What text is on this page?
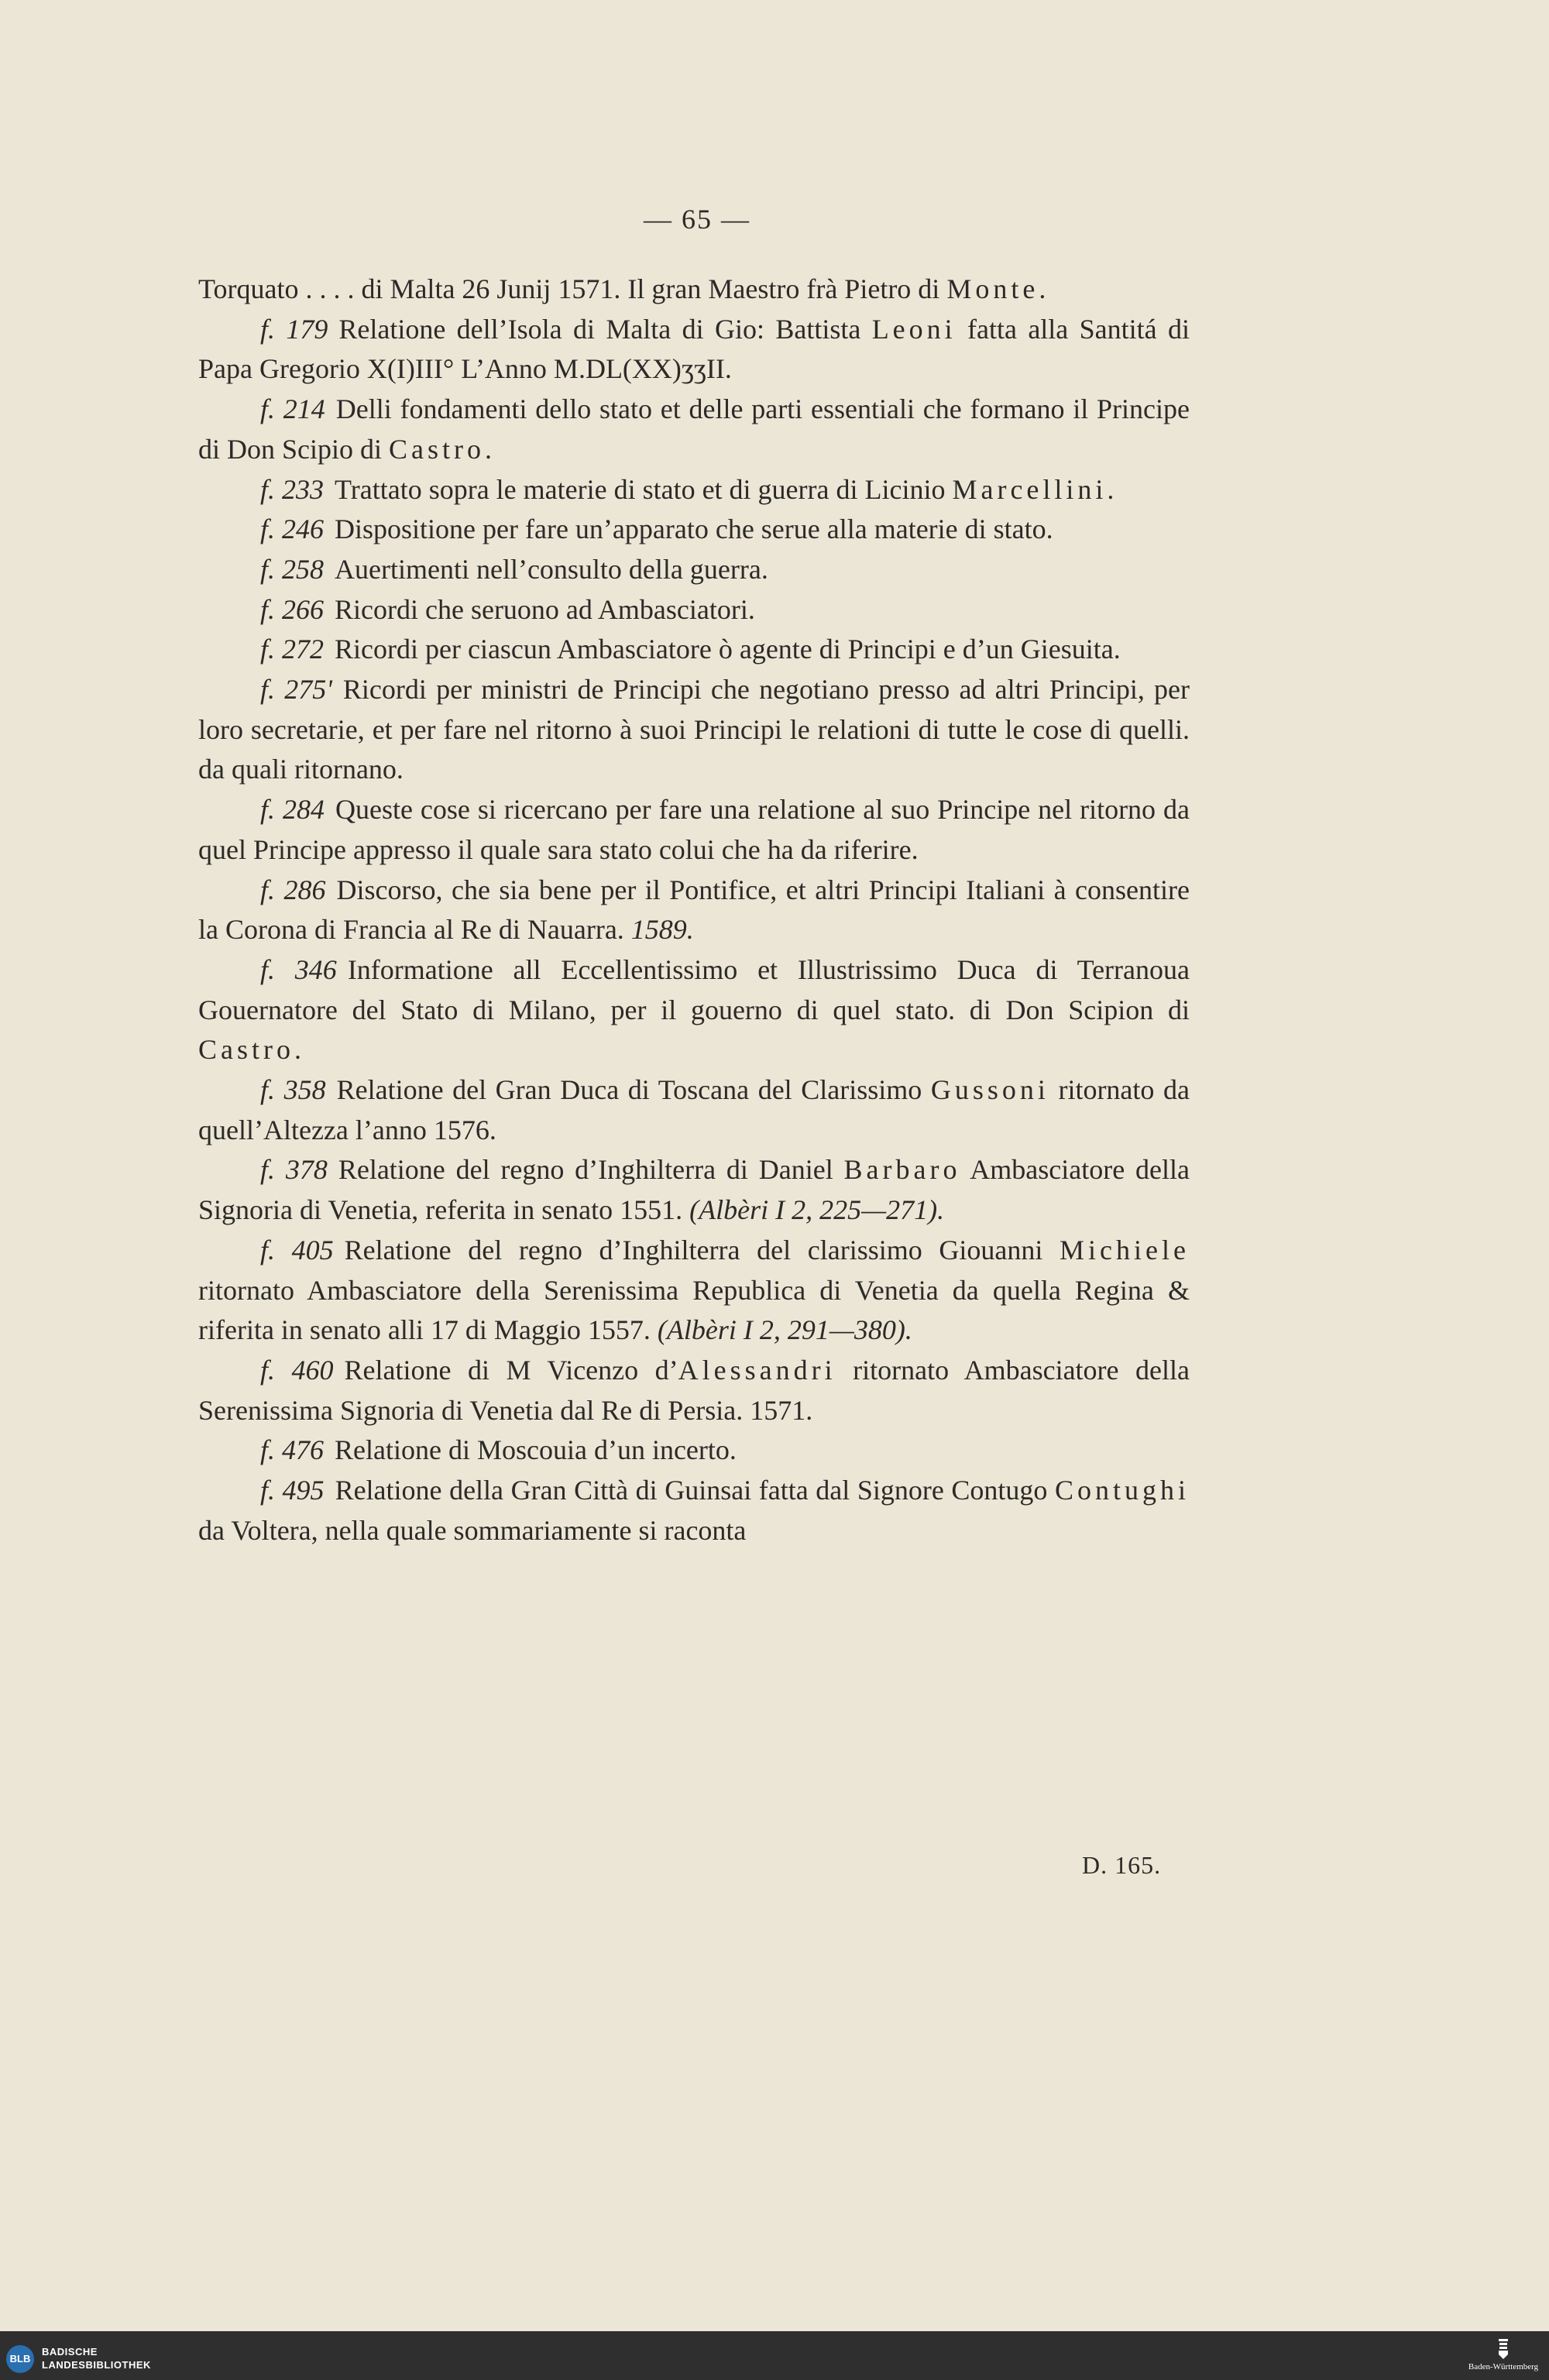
— 65 —
Torquato . . . . di Malta 26 Junij 1571. Il gran Maestro frà Pietro di Monte.
f. 179 Relatione dell’Isola di Malta di Gio: Battista Leoni fatta alla Santitá di Papa Gregorio X(I)III° L’Anno M.DL(XX)ʒʒII.
f. 214 Delli fondamenti dello stato et delle parti essentiali che formano il Principe di Don Scipio di Castro.
f. 233 Trattato sopra le materie di stato et di guerra di Licinio Marcellini.
f. 246 Dispositione per fare un’apparato che serue alla materie di stato.
f. 258 Auertimenti nell’consulto della guerra.
f. 266 Ricordi che seruono ad Ambasciatori.
f. 272 Ricordi per ciascun Ambasciatore ò agente di Principi e d’un Giesuita.
f. 275' Ricordi per ministri de Principi che negotiano presso ad altri Principi, per loro secretarie, et per fare nel ritorno à suoi Principi le relationi di tutte le cose di quelli. da quali ritornano.
f. 284 Queste cose si ricercano per fare una relatione al suo Principe nel ritorno da quel Principe appresso il quale sara stato colui che ha da riferire.
f. 286 Discorso, che sia bene per il Pontifice, et altri Principi Italiani à consentire la Corona di Francia al Re di Nauarra. 1589.
f. 346 Informatione all Eccellentissimo et Illustrissimo Duca di Terranoua Gouernatore del Stato di Milano, per il gouerno di quel stato. di Don Scipion di Castro.
f. 358 Relatione del Gran Duca di Toscana del Clarissimo Gussoni ritornato da quell’Altezza l’anno 1576.
f. 378 Relatione del regno d’Inghilterra di Daniel Barbaro Ambasciatore della Signoria di Venetia, referita in senato 1551. (Albèri I 2, 225—271).
f. 405 Relatione del regno d’Inghilterra del clarissimo Giouanni Michiele ritornato Ambasciatore della Serenissima Republica di Venetia da quella Regina & riferita in senato alli 17 di Maggio 1557. (Albèri I 2, 291—380).
f. 460 Relatione di M Vicenzo d’Alessandri ritornato Ambasciatore della Serenissima Signoria di Venetia dal Re di Persia. 1571.
f. 476 Relatione di Moscouia d’un incerto.
f. 495 Relatione della Gran Città di Guinsai fatta dal Signore Contugo Contughi da Voltera, nella quale sommariamente si raconta
D. 165.
BLB
BADISCHE
LANDESBIBLIOTHEK	Baden-Württemberg
